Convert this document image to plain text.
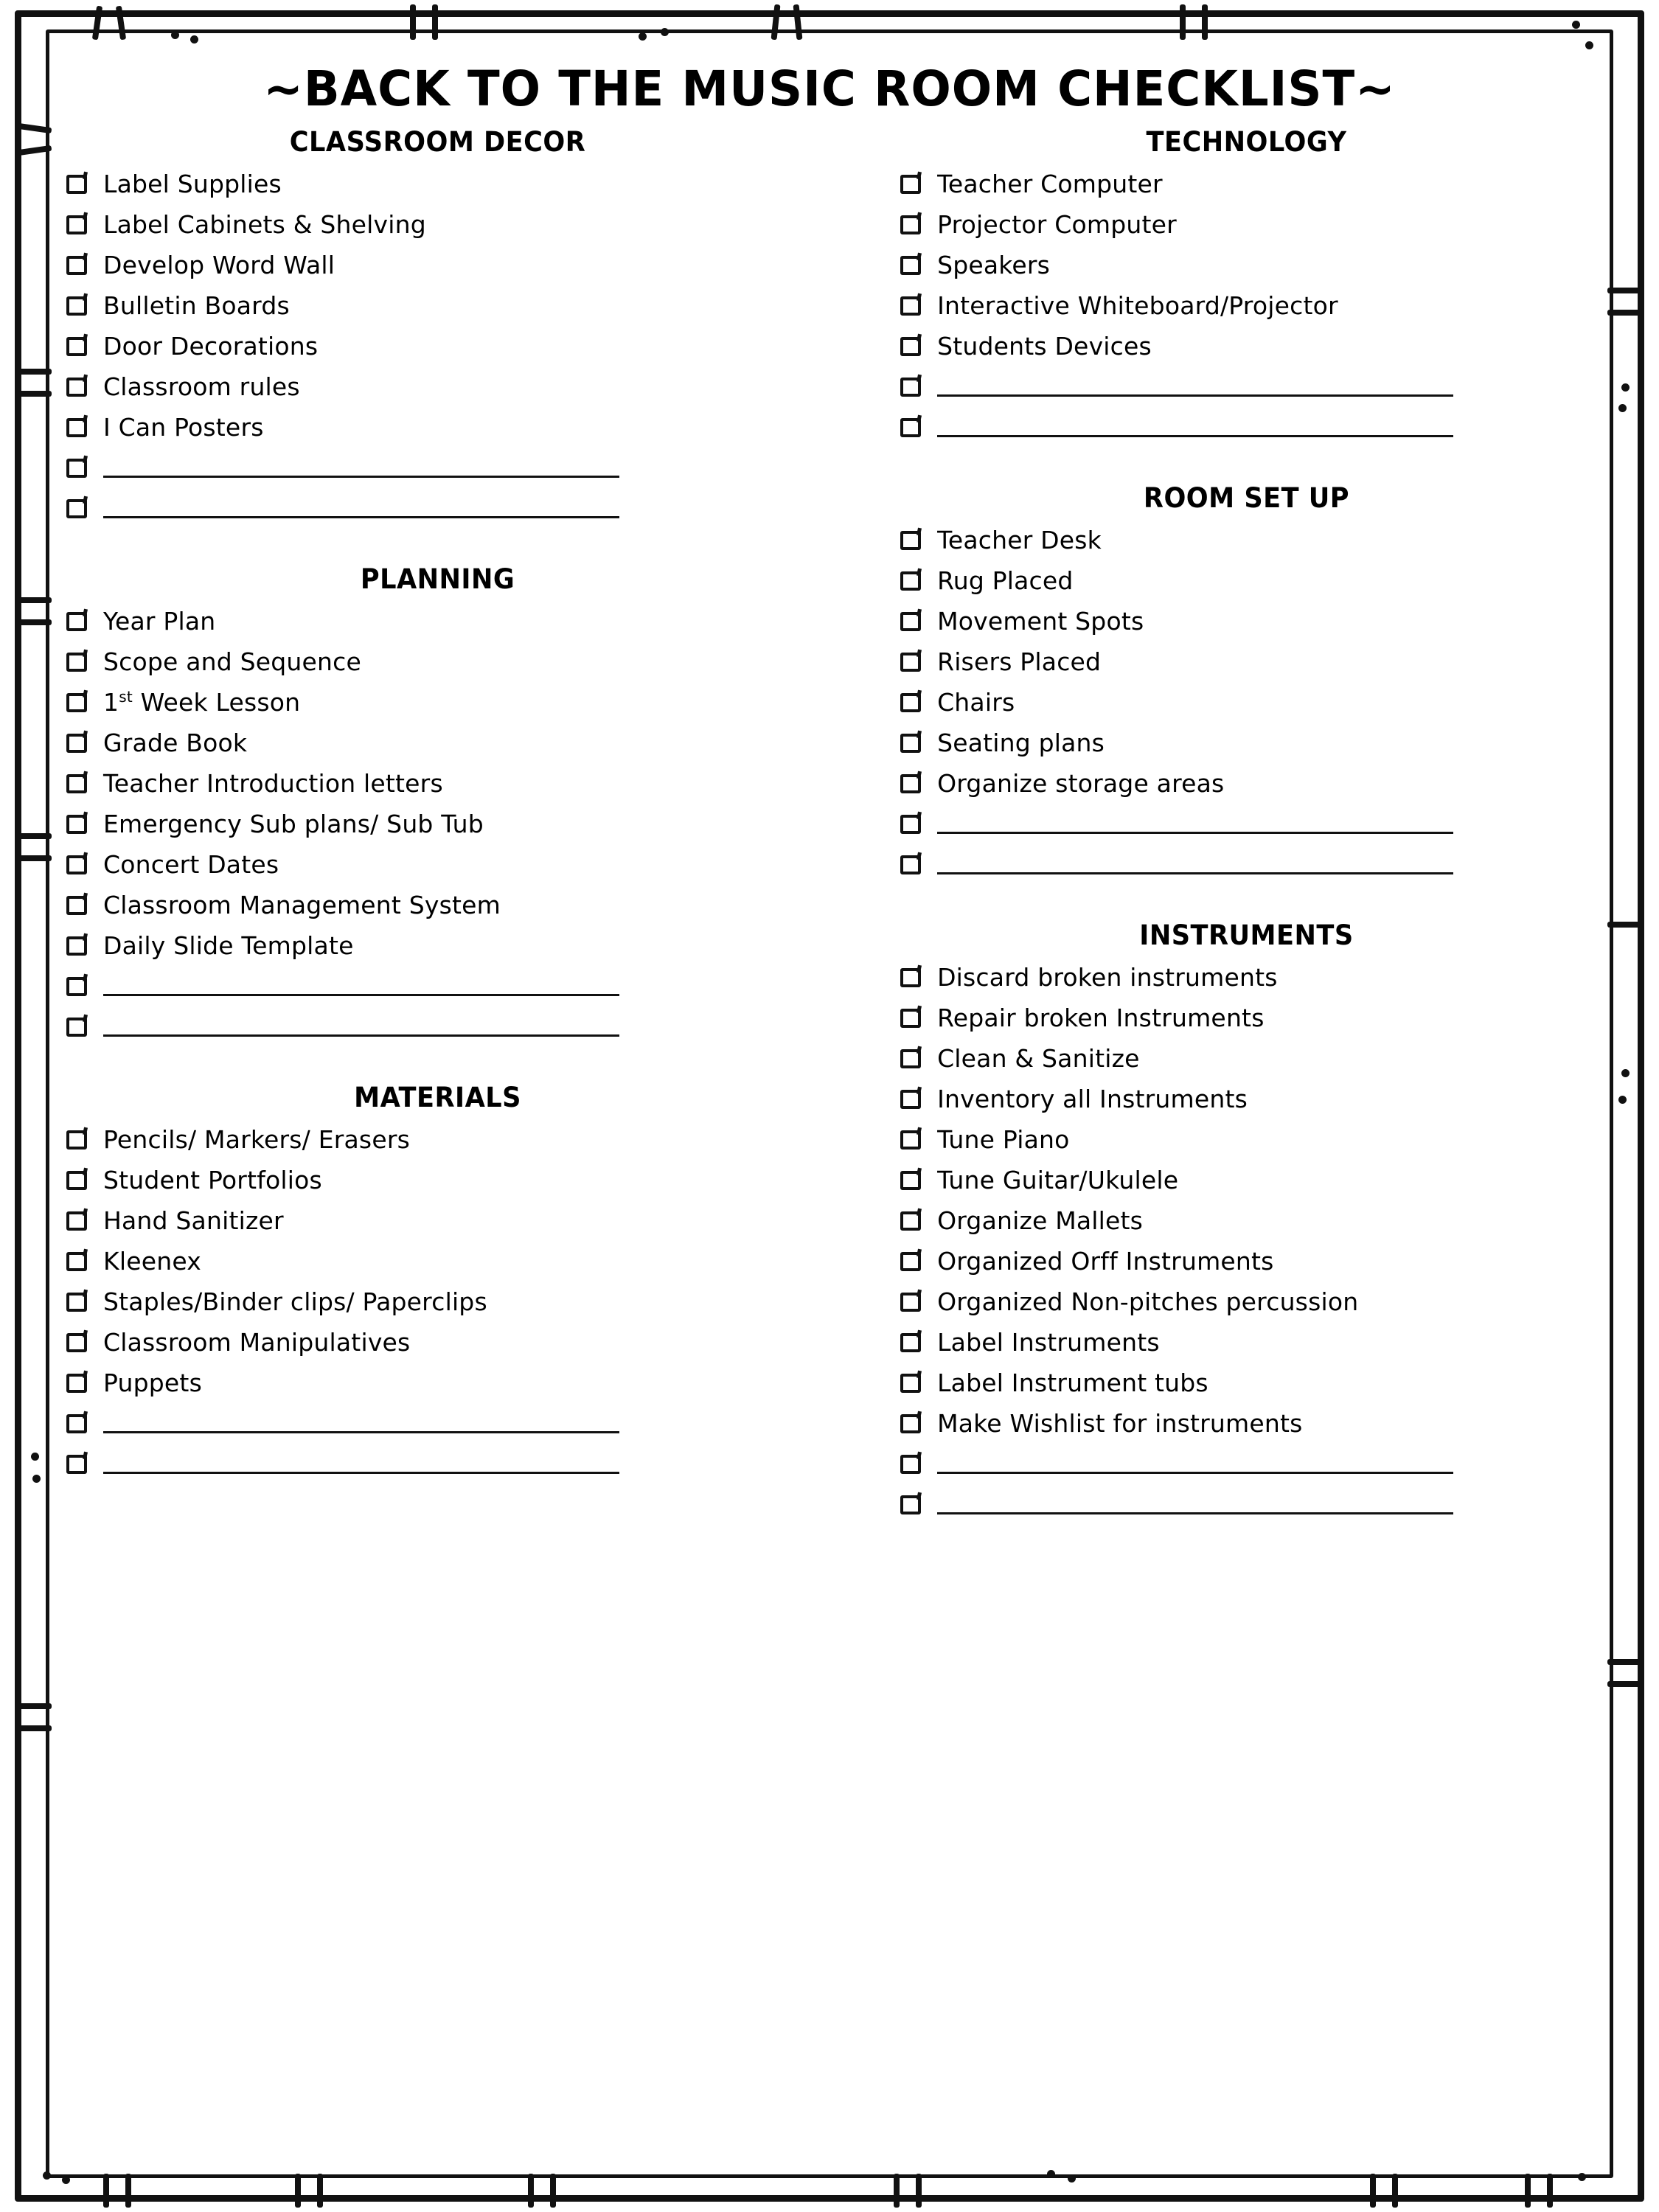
~BACK TO THE MUSIC ROOM CHECKLIST~
CLASSROOM DECOR
Label Supplies
Label Cabinets & Shelving
Develop Word Wall
Bulletin Boards
Door Decorations
Classroom rules
I Can Posters
PLANNING
Year Plan
Scope and Sequence
1st Week Lesson
Grade Book
Teacher Introduction letters
Emergency Sub plans/ Sub Tub
Concert Dates
Classroom Management System
Daily Slide Template
MATERIALS
Pencils/ Markers/ Erasers
Student Portfolios
Hand Sanitizer
Kleenex
Staples/Binder clips/ Paperclips
Classroom Manipulatives
Puppets
TECHNOLOGY
Teacher Computer
Projector Computer
Speakers
Interactive Whiteboard/Projector
Students Devices
ROOM SET UP
Teacher Desk
Rug Placed
Movement Spots
Risers Placed
Chairs
Seating plans
Organize storage areas
INSTRUMENTS
Discard broken instruments
Repair broken Instruments
Clean & Sanitize
Inventory all Instruments
Tune Piano
Tune Guitar/Ukulele
Organize Mallets
Organized Orff Instruments
Organized Non-pitches percussion
Label Instruments
Label Instrument tubs
Make Wishlist for instruments
